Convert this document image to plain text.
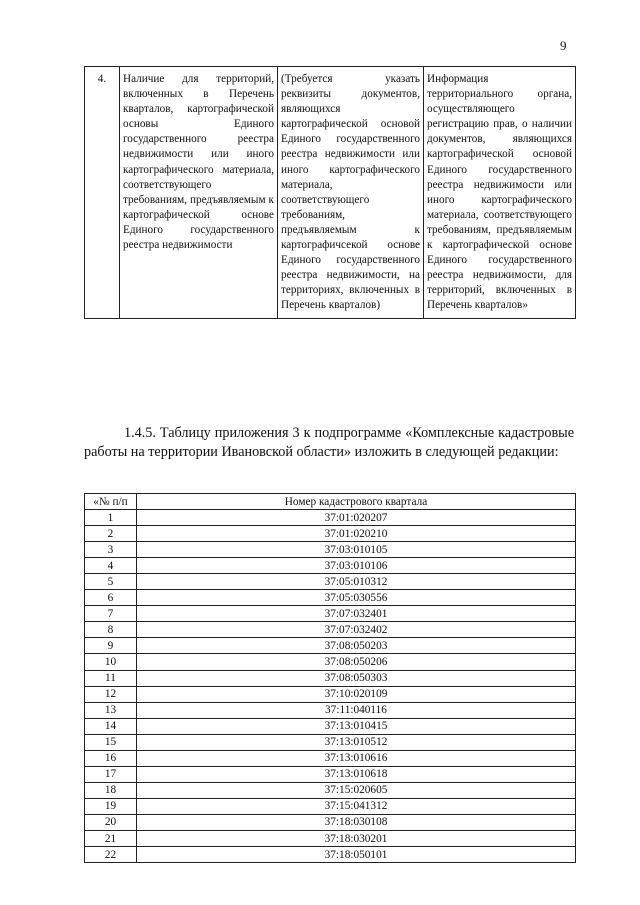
9
4.	Наличие для территорий, включенных в Перечень кварталов, картографической основы Единого государственного реестра недвижимости или иного картографического материала, соответствующего требованиям, предъявляемым к картографической основе Единого государственного реестра недвижимости	(Требуется указать реквизиты документов, являющихся картографической основой Единого государственного реестра недвижимости или иного картографического материала, соответствующего требованиям, предъявляемым к картографичсекой основе Единого государственного реестра недвижимости, на территориях, включенных в Перечень кварталов)	Информация территориального органа, осуществляющего регистрацию прав, о наличии документов, являющихся картографической основой Единого государственного реестра недвижимости или иного картографического материала, соответствующего требованиям, предъявляемым к картографической основе Единого государственного реестра недвижимости, для территорий, включенных в Перечень кварталов»

1.4.5. Таблицу приложения 3 к подпрограмме «Комплексные кадастровые работы на территории Ивановской области» изложить в следующей редакции:

«№ п/п	Номер кадастрового квартала
1	37:01:020207
2	37:01:020210
3	37:03:010105
4	37:03:010106
5	37:05:010312
6	37:05:030556
7	37:07:032401
8	37:07:032402
9	37:08:050203
10	37:08:050206
11	37:08:050303
12	37:10:020109
13	37:11:040116
14	37:13:010415
15	37:13:010512
16	37:13:010616
17	37:13:010618
18	37:15:020605
19	37:15:041312
20	37:18:030108
21	37:18:030201
22	37:18:050101
